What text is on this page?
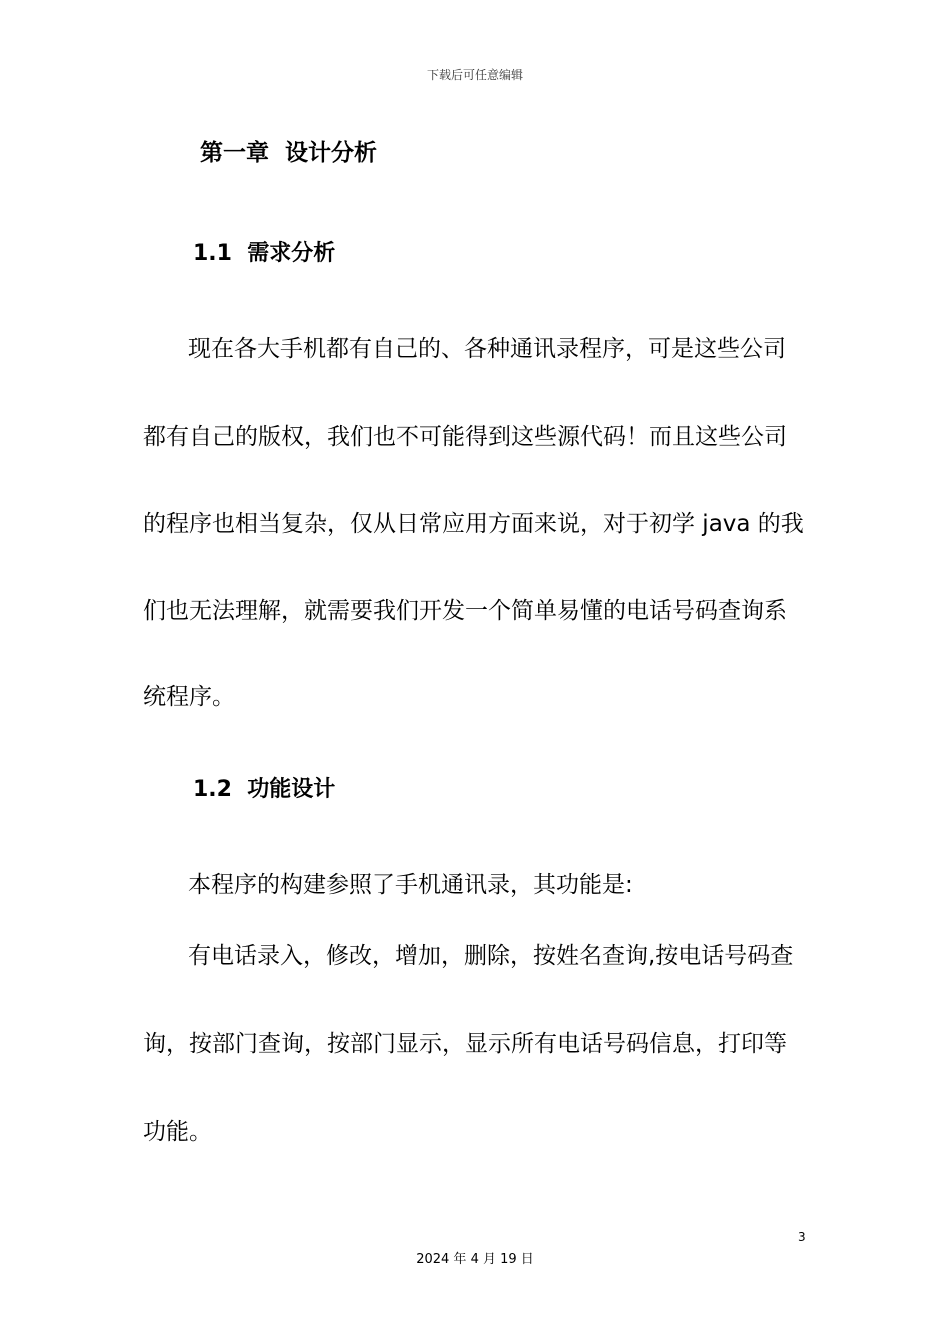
下载后可任意编辑
第一章  设计分析
1.1  需求分析
现在各大手机都有自己的、各种通讯录程序，可是这些公司
都有自己的版权，我们也不可能得到这些源代码！而且这些公司
的程序也相当复杂，仅从日常应用方面来说，对于初学 java 的我
们也无法理解，就需要我们开发一个简单易懂的电话号码查询系
统程序。
1.2  功能设计
本程序的构建参照了手机通讯录，其功能是:
有电话录入，修改，增加，删除，按姓名查询,按电话号码查
询，按部门查询，按部门显示，显示所有电话号码信息，打印等
功能。
3
2024 年 4 月 19 日
